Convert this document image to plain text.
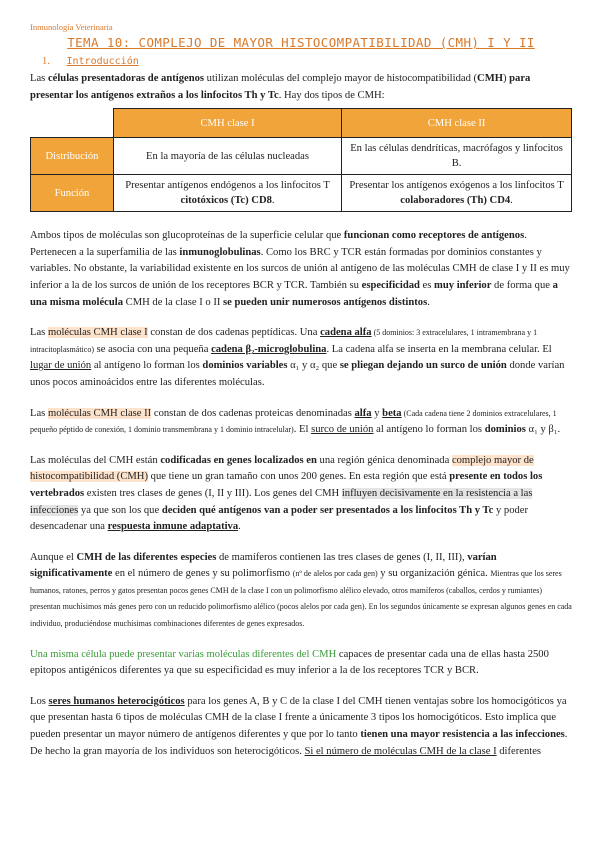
Inmunología Veterinaria
TEMA 10: COMPLEJO DE MAYOR HISTOCOMPATIBILIDAD (CMH) I Y II
1. Introducción

Las células presentadoras de antígenos utilizan moléculas del complejo mayor de histocompatibilidad (CMH) para presentar los antígenos extraños a los linfocitos Th y Tc. Hay dos tipos de CMH:

	CMH clase I	CMH clase II
Distribución	En la mayoría de las células nucleadas	En las células dendríticas, macrófagos y linfocitos B.
Función	Presentar antígenos endógenos a los linfocitos T citotóxicos (Tc) CD8.	Presentar los antígenos exógenos a los linfocitos T colaboradores (Th) CD4.

Ambos tipos de moléculas son glucoproteínas de la superficie celular que funcionan como receptores de antígenos. Pertenecen a la superfamilia de las inmunoglobulinas. Como los BRC y TCR están formadas por dominios constantes y variables. No obstante, la variabilidad existente en los surcos de unión al antígeno de las moléculas CMH de clase I y II es muy inferior a la de los surcos de unión de los receptores BCR y TCR. También su especificidad es muy inferior de forma que a una misma molécula CMH de la clase I o II se pueden unir numerosos antígenos distintos.

Las moléculas CMH clase I constan de dos cadenas peptídicas. Una cadena alfa (5 dominios: 3 extracelulares, 1 intramembrana y 1 intracitoplasmático) se asocia con una pequeña cadena β₂-microglobulina. La cadena alfa se inserta en la membrana celular. El lugar de unión al antígeno lo forman los dominios variables α₁ y α₂ que se pliegan dejando un surco de unión donde varían unos pocos aminoácidos entre las diferentes moléculas.

Las moléculas CMH clase II constan de dos cadenas proteicas denominadas alfa y beta (Cada cadena tiene 2 dominios extracelulares, 1 pequeño péptido de conexión, 1 dominio transmembrana y 1 dominio intracelular). El surco de unión al antígeno lo forman los dominios α₁ y β₁.

Las moléculas del CMH están codificadas en genes localizados en una región génica denominada complejo mayor de histocompatibilidad (CMH) que tiene un gran tamaño con unos 200 genes. En esta región que está presente en todos los vertebrados existen tres clases de genes (I, II y III). Los genes del CMH influyen decisivamente en la resistencia a las infecciones ya que son los que deciden qué antígenos van a poder ser presentados a los linfocitos Th y Tc y poder desencadenar una respuesta inmune adaptativa.

Aunque el CMH de las diferentes especies de mamíferos contienen las tres clases de genes (I, II, III), varían significativamente en el número de genes y su polimorfismo (nº de alelos por cada gen) y su organización génica. Mientras que los seres humanos, ratones, perros y gatos presentan pocos genes CMH de la clase I con un polimorfismo alélico elevado, otros mamíferos (caballos, cerdos y rumiantes) presentan muchísimos más genes pero con un reducido polimorfismo alélico (pocos alelos por cada gen). En los segundos únicamente se expresan algunos genes en cada individuo, produciéndose muchísimas combinaciones diferentes de genes expresados.

Una misma célula puede presentar varias moléculas diferentes del CMH capaces de presentar cada una de ellas hasta 2500 epitopos antigénicos diferentes ya que su especificidad es muy inferior a la de los receptores TCR y BCR.

Los seres humanos heterocigóticos para los genes A, B y C de la clase I del CMH tienen ventajas sobre los homocigóticos ya que presentan hasta 6 tipos de moléculas CMH de la clase I frente a únicamente 3 tipos los homocigóticos. Esto implica que pueden presentar un mayor número de antígenos diferentes y que por lo tanto tienen una mayor resistencia a las infecciones. De hecho la gran mayoría de los individuos son heterocigóticos. Si el número de moléculas CMH de la clase I diferentes
